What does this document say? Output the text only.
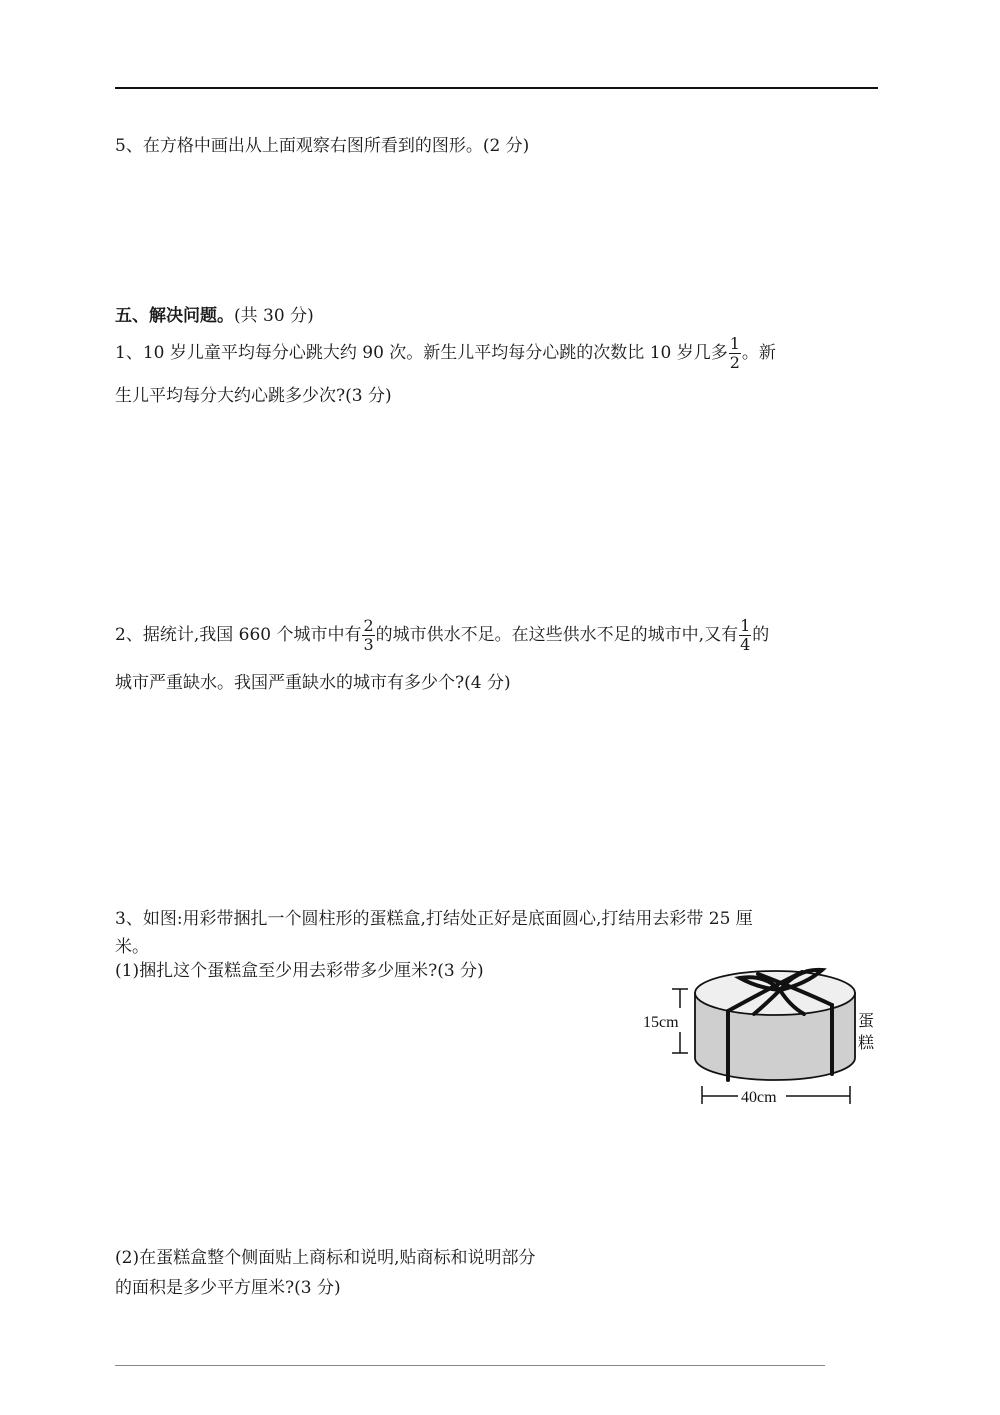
5、在方格中画出从上面观察右图所看到的图形。(2 分)
五、解决问题。(共 30 分)
1、10 岁儿童平均每分心跳大约 90 次。新生儿平均每分心跳的次数比 10 岁几多 $\frac{1}{2}$ 。新
生儿平均每分大约心跳多少次?(3 分)
2、据统计,我国 660 个城市中有 $\frac{2}{3}$ 的城市供水不足。在这些供水不足的城市中,又有 $\frac{1}{4}$ 的
城市严重缺水。我国严重缺水的城市有多少个?(4 分)
3、如图:用彩带捆扎一个圆柱形的蛋糕盒,打结处正好是底面圆心,打结用去彩带 25 厘
米。
(1)捆扎这个蛋糕盒至少用去彩带多少厘米?(3 分)
15cm
40cm
蛋
糕
(2)在蛋糕盒整个侧面贴上商标和说明,贴商标和说明部分
的面积是多少平方厘米?(3 分)
